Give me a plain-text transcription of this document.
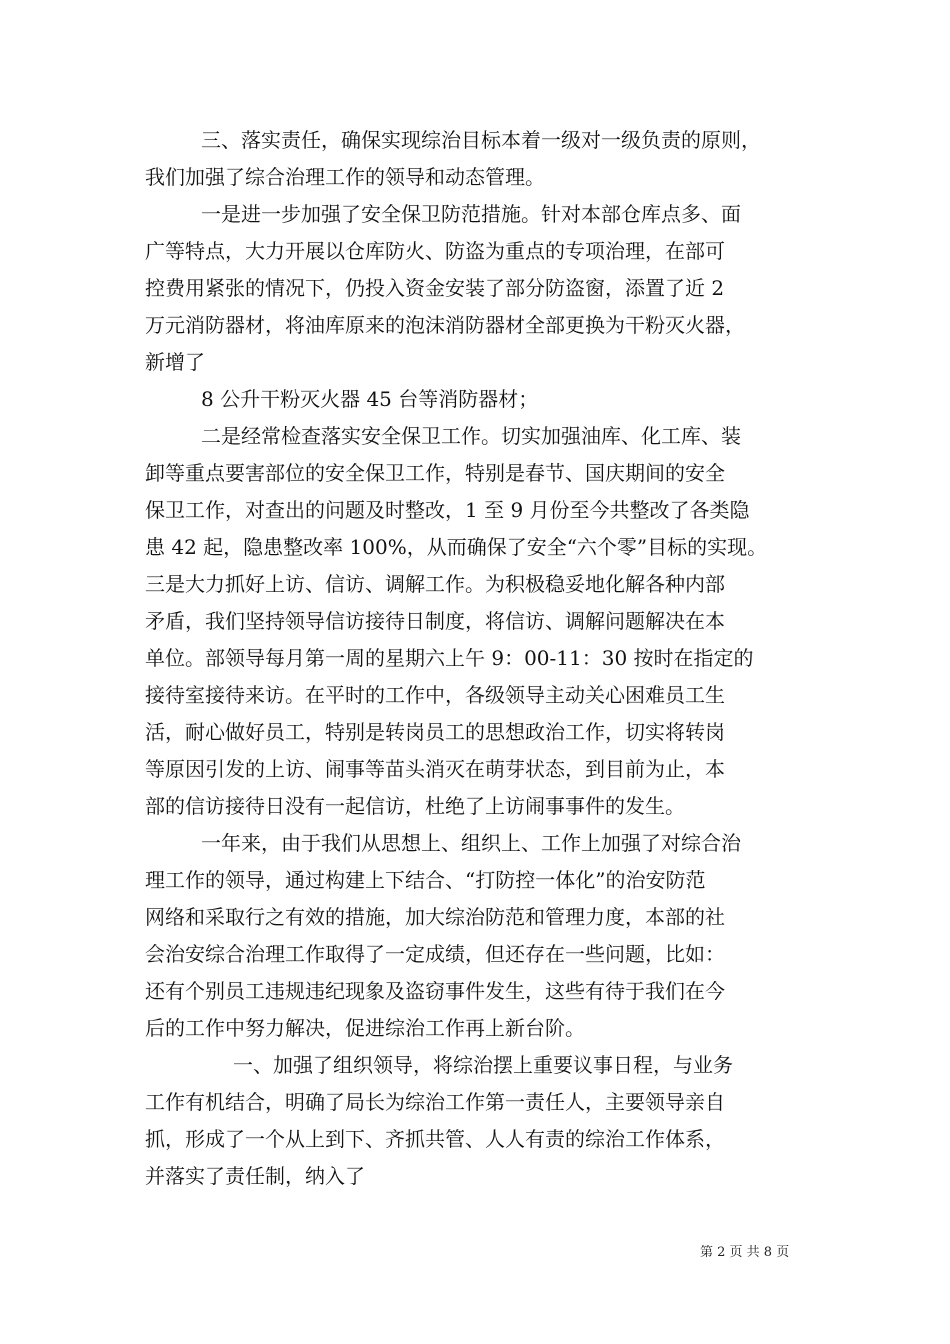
三、落实责任，确保实现综治目标本着一级对一级负责的原则，
我们加强了综合治理工作的领导和动态管理。
一是进一步加强了安全保卫防范措施。针对本部仓库点多、面
广等特点，大力开展以仓库防火、防盗为重点的专项治理，在部可
控费用紧张的情况下，仍投入资金安装了部分防盗窗，添置了近 2
万元消防器材，将油库原来的泡沫消防器材全部更换为干粉灭火器，
新增了
8 公升干粉灭火器 45 台等消防器材；
二是经常检查落实安全保卫工作。切实加强油库、化工库、装
卸等重点要害部位的安全保卫工作，特别是春节、国庆期间的安全
保卫工作，对查出的问题及时整改，1 至 9 月份至今共整改了各类隐
患 42 起，隐患整改率 100%，从而确保了安全“六个零”目标的实现。
三是大力抓好上访、信访、调解工作。为积极稳妥地化解各种内部
矛盾，我们坚持领导信访接待日制度，将信访、调解问题解决在本
单位。部领导每月第一周的星期六上午 9：00-11：30 按时在指定的
接待室接待来访。在平时的工作中，各级领导主动关心困难员工生
活，耐心做好员工，特别是转岗员工的思想政治工作，切实将转岗
等原因引发的上访、闹事等苗头消灭在萌芽状态，到目前为止，本
部的信访接待日没有一起信访，杜绝了上访闹事事件的发生。
一年来，由于我们从思想上、组织上、工作上加强了对综合治
理工作的领导，通过构建上下结合、“打防控一体化”的治安防范
网络和采取行之有效的措施，加大综治防范和管理力度，本部的社
会治安综合治理工作取得了一定成绩，但还存在一些问题，比如：
还有个别员工违规违纪现象及盗窃事件发生，这些有待于我们在今
后的工作中努力解决，促进综治工作再上新台阶。
一、加强了组织领导，将综治摆上重要议事日程，与业务
工作有机结合，明确了局长为综治工作第一责任人，主要领导亲自
抓，形成了一个从上到下、齐抓共管、人人有责的综治工作体系，
并落实了责任制，纳入了
第 2 页 共 8 页
